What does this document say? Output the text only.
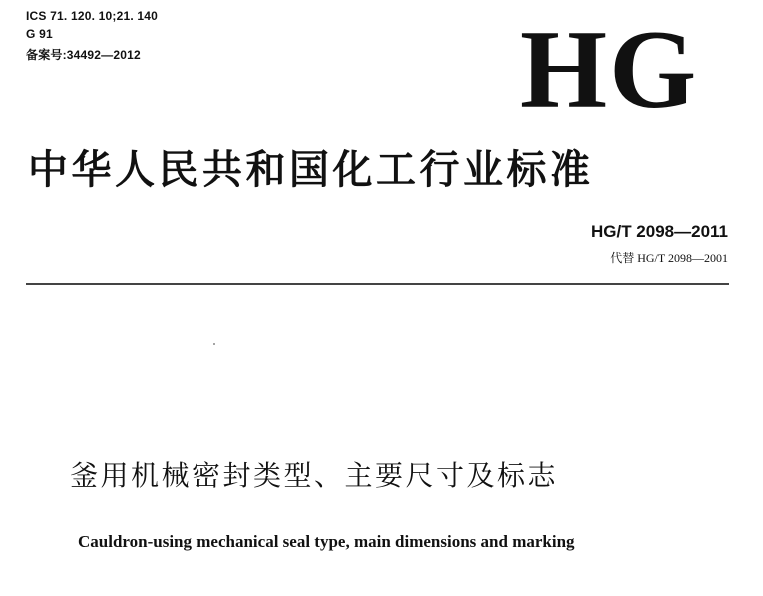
ICS 71. 120. 10;21. 140
G 91
备案号:34492—2012	HG
中华人民共和国化工行业标准
HG/T 2098—2011
代替 HG/T 2098—2001
釜用机械密封类型、主要尺寸及标志
Cauldron-using mechanical seal type, main dimensions and marking
